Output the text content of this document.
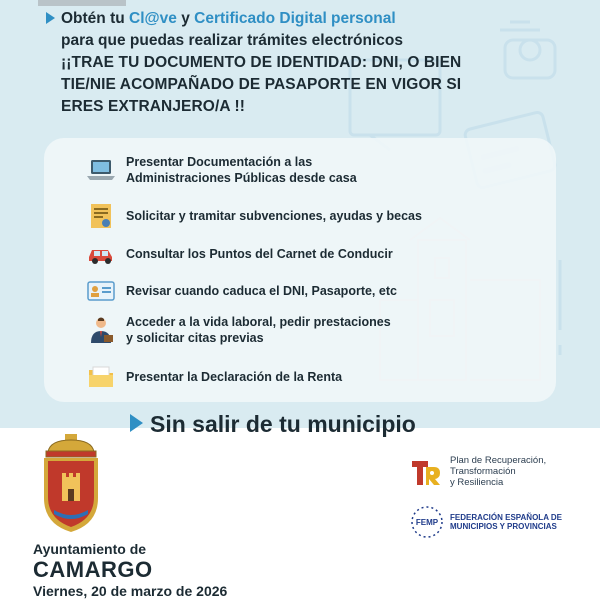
Obtén tu Cl@ve y Certificado Digital personal
para que puedas realizar trámites electrónicos
¡¡TRAE TU DOCUMENTO DE IDENTIDAD: DNI, O BIEN
TIE/NIE ACOMPAÑADO DE PASAPORTE EN VIGOR SI
ERES EXTRANJERO/A !!
Presentar Documentación a las
Administraciones Públicas desde casa
Solicitar y tramitar subvenciones, ayudas y becas
Consultar los Puntos del Carnet de Conducir
Revisar cuando caduca el DNI, Pasaporte, etc
Acceder a la vida laboral, pedir prestaciones
y solicitar citas previas
Presentar la Declaración de la Renta
Sin salir de tu municipio
Ayuntamiento de
CAMARGO
Viernes, 20 de marzo de 2026
Plan de Recuperación,
Transformación
y Resiliencia
FEMP
FEDERACIÓN ESPAÑOLA DE
MUNICIPIOS Y PROVINCIAS
